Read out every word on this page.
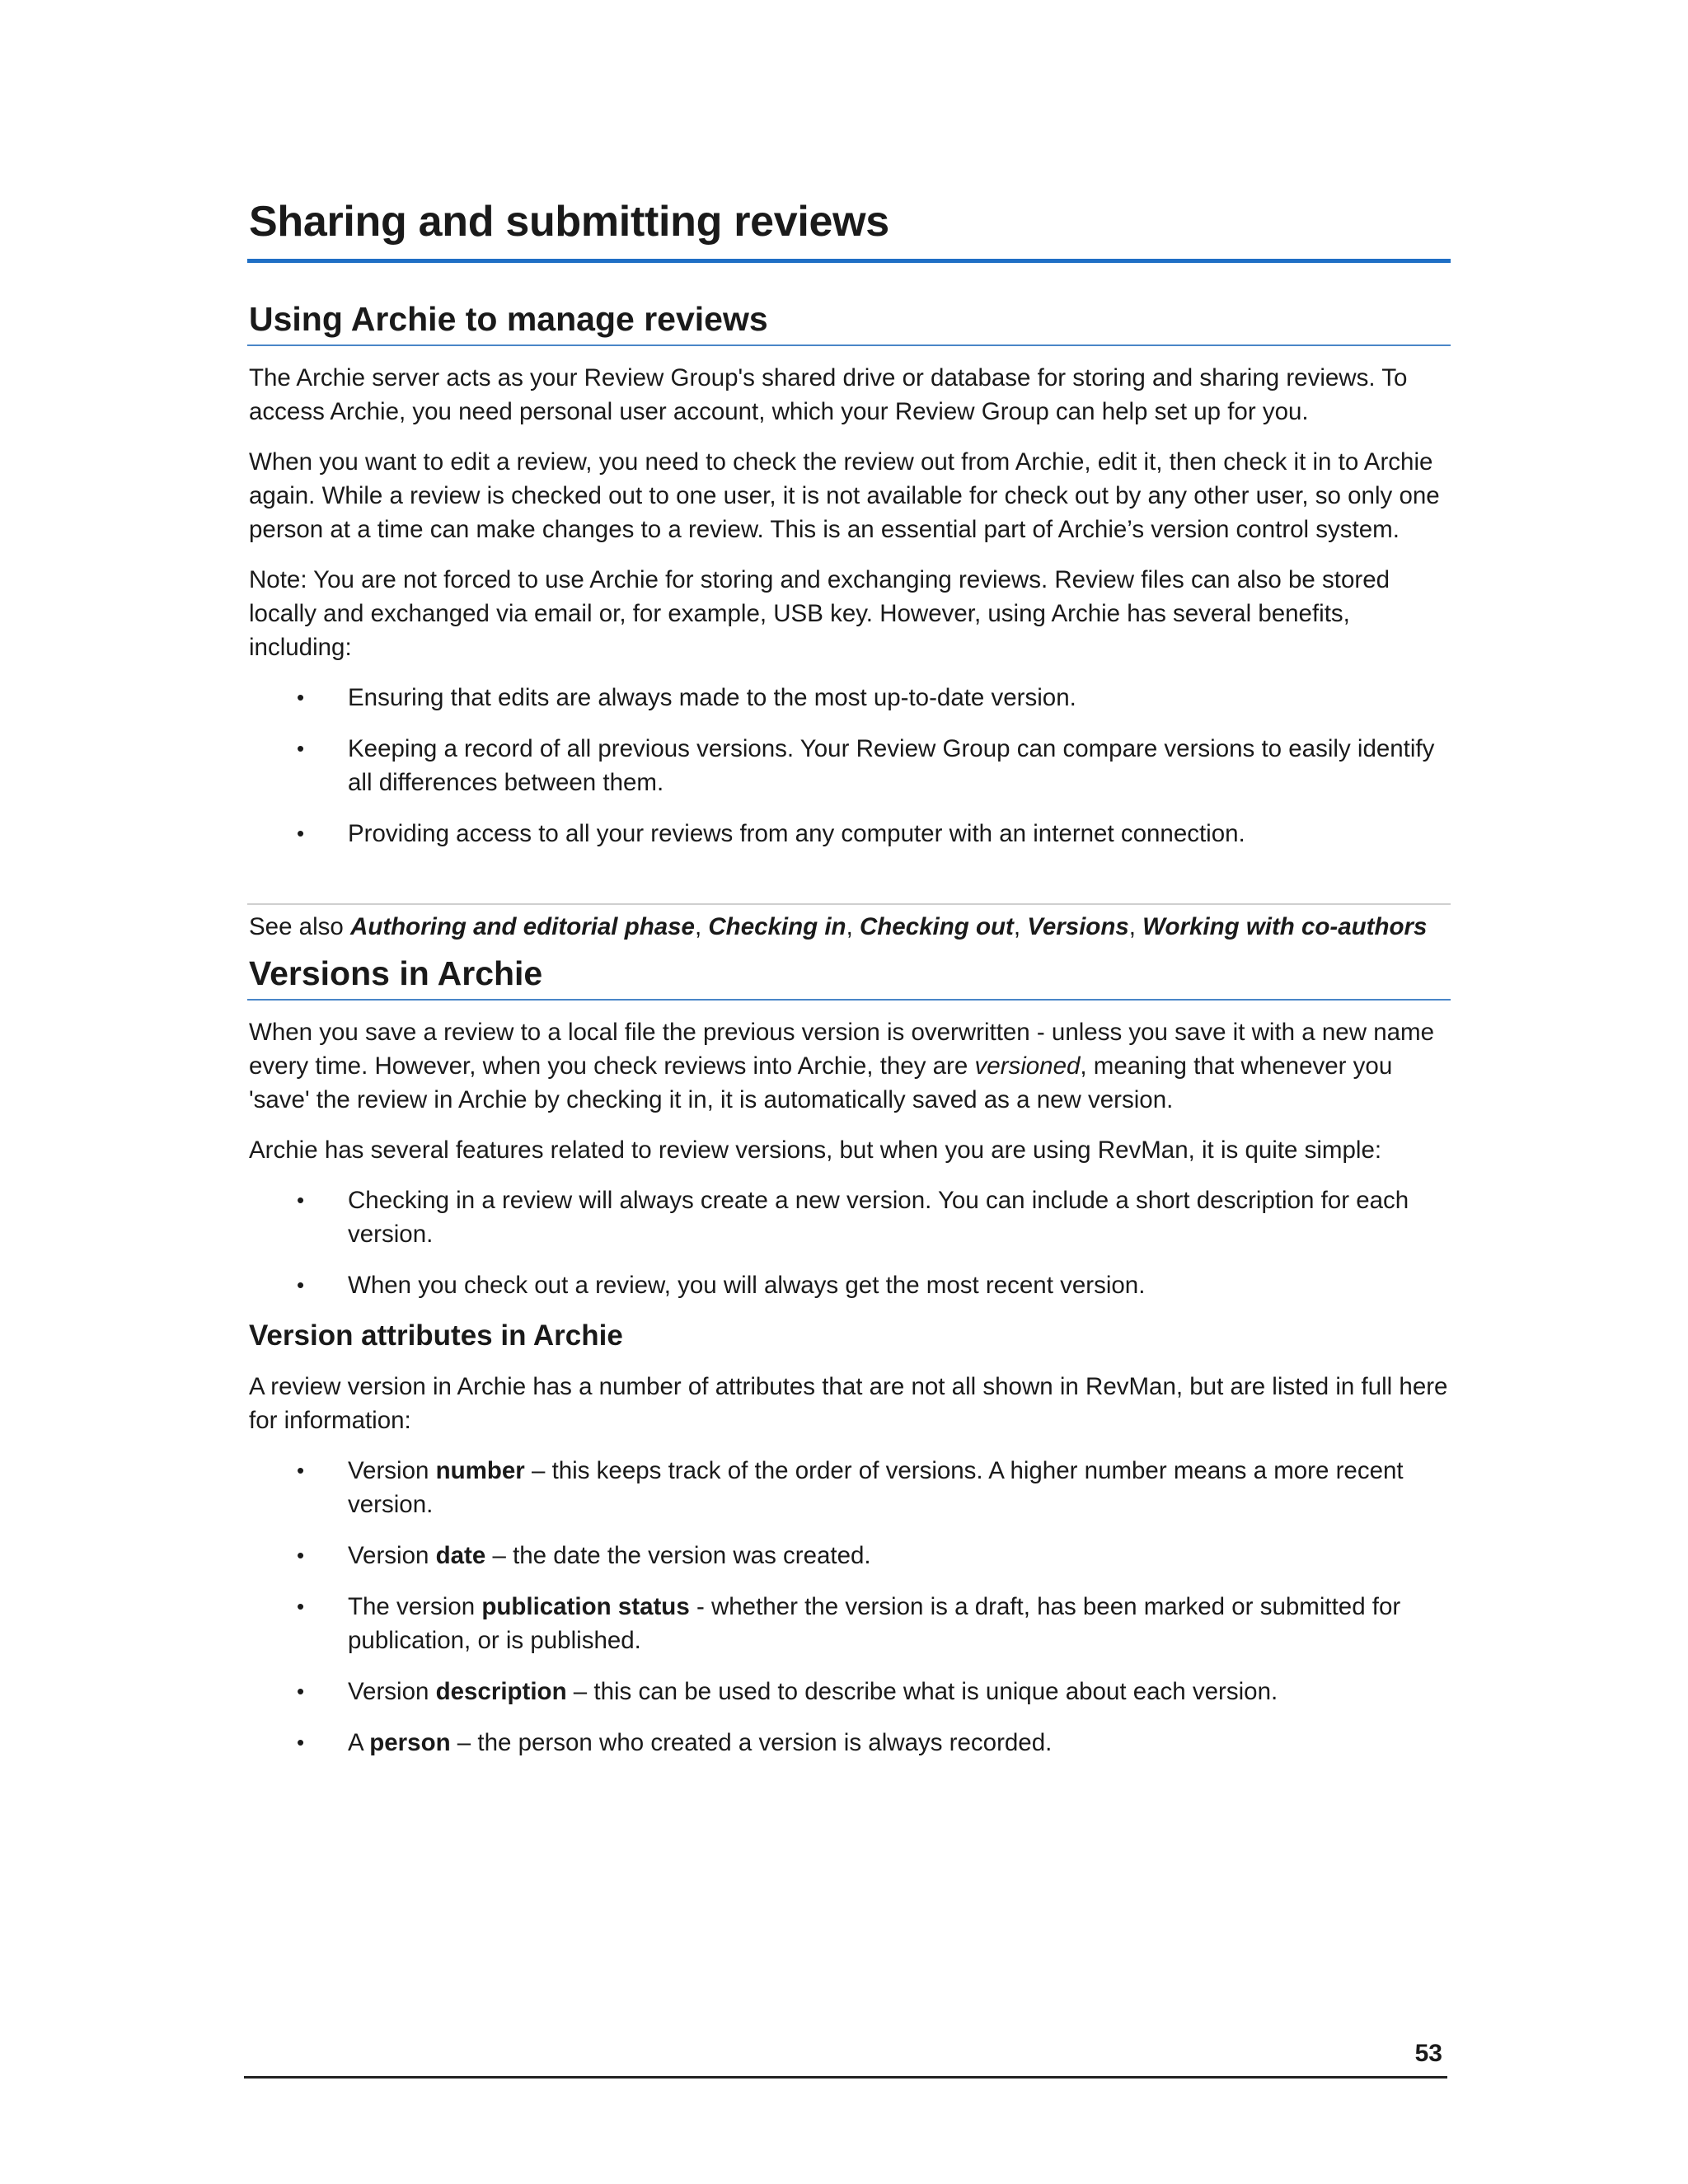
Sharing and submitting reviews
Using Archie to manage reviews

The Archie server acts as your Review Group's shared drive or database for storing and sharing reviews. To access Archie, you need personal user account, which your Review Group can help set up for you.

When you want to edit a review, you need to check the review out from Archie, edit it, then check it in to Archie again. While a review is checked out to one user, it is not available for check out by any other user, so only one person at a time can make changes to a review. This is an essential part of Archie’s version control system.

Note: You are not forced to use Archie for storing and exchanging reviews. Review files can also be stored locally and exchanged via email or, for example, USB key. However, using Archie has several benefits, including:

• Ensuring that edits are always made to the most up-to-date version.
• Keeping a record of all previous versions. Your Review Group can compare versions to easily identify all differences between them.
• Providing access to all your reviews from any computer with an internet connection.

See also Authoring and editorial phase, Checking in, Checking out, Versions, Working with co-authors

Versions in Archie

When you save a review to a local file the previous version is overwritten - unless you save it with a new name every time. However, when you check reviews into Archie, they are versioned, meaning that whenever you 'save' the review in Archie by checking it in, it is automatically saved as a new version.

Archie has several features related to review versions, but when you are using RevMan, it is quite simple:

• Checking in a review will always create a new version. You can include a short description for each version.
• When you check out a review, you will always get the most recent version.
Version attributes in Archie

A review version in Archie has a number of attributes that are not all shown in RevMan, but are listed in full here for information:

• Version number – this keeps track of the order of versions. A higher number means a more recent version.
• Version date – the date the version was created.
• The version publication status - whether the version is a draft, has been marked or submitted for publication, or is published.
• Version description – this can be used to describe what is unique about each version.
• A person – the person who created a version is always recorded.
53
